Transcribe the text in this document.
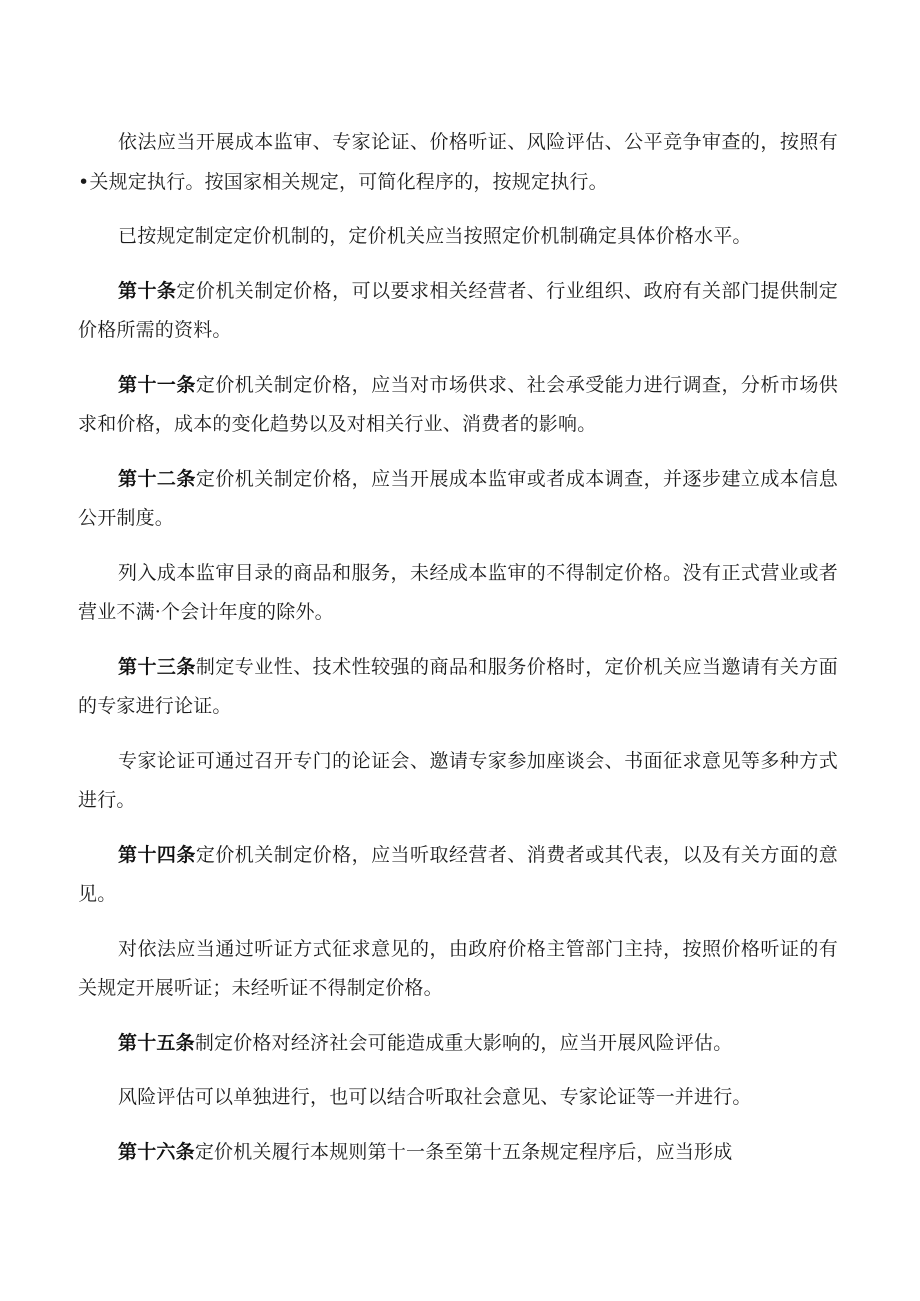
依法应当开展成本监审、专家论证、价格听证、风险评估、公平竞争审查的，按照有•关规定执行。按国家相关规定，可简化程序的，按规定执行。

已按规定制定定价机制的，定价机关应当按照定价机制确定具体价格水平。

第十条定价机关制定价格，可以要求相关经营者、行业组织、政府有关部门提供制定价格所需的资料。

第十一条定价机关制定价格，应当对市场供求、社会承受能力进行调查，分析市场供求和价格，成本的变化趋势以及对相关行业、消费者的影响。

第十二条定价机关制定价格，应当开展成本监审或者成本调查，并逐步建立成本信息公开制度。

列入成本监审目录的商品和服务，未经成本监审的不得制定价格。没有正式营业或者营业不满·个会计年度的除外。

第十三条制定专业性、技术性较强的商品和服务价格时，定价机关应当邀请有关方面的专家进行论证。

专家论证可通过召开专门的论证会、邀请专家参加座谈会、书面征求意见等多种方式进行。

第十四条定价机关制定价格，应当听取经营者、消费者或其代表，以及有关方面的意见。

对依法应当通过听证方式征求意见的，由政府价格主管部门主持，按照价格听证的有关规定开展听证；未经听证不得制定价格。

第十五条制定价格对经济社会可能造成重大影响的，应当开展风险评估。

风险评估可以单独进行，也可以结合听取社会意见、专家论证等一并进行。

第十六条定价机关履行本规则第十一条至第十五条规定程序后，应当形成
